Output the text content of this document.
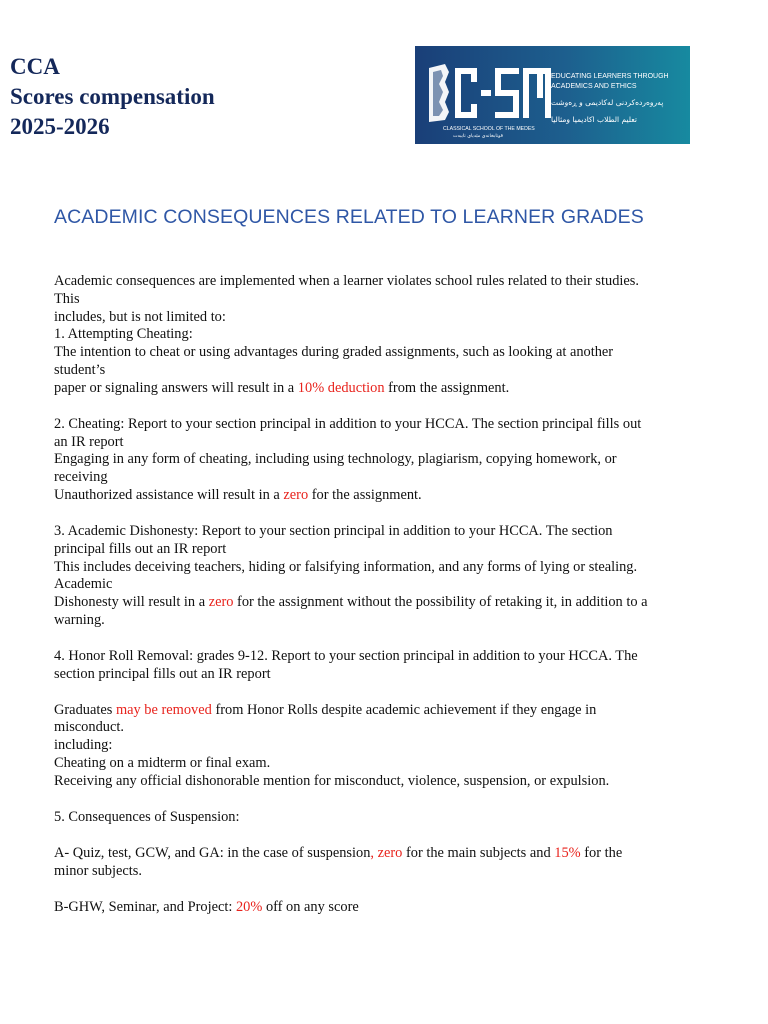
CCA
Scores compensation
2025-2026	CLASSICAL SCHOOL OF THE MEDES
قوتابخانەی مێدیای تایبەت
EDUCATING LEARNERS THROUGH
ACADEMICS AND ETHICS
پەروەردەکردنی لەکادیمی و ڕەوشت
تعليم الطلاب اكاديميا ومثاليا
ACADEMIC CONSEQUENCES RELATED TO LEARNER GRADES
Academic consequences are implemented when a learner violates school rules related to their studies.
This
includes, but is not limited to:
1. Attempting Cheating:
The intention to cheat or using advantages during graded assignments, such as looking at another
student’s
paper or signaling answers will result in a 10% deduction from the assignment.
2. Cheating: Report to your section principal in addition to your HCCA. The section principal fills out
an IR report
Engaging in any form of cheating, including using technology, plagiarism, copying homework, or
receiving
Unauthorized assistance will result in a zero for the assignment.
3. Academic Dishonesty: Report to your section principal in addition to your HCCA. The section
principal fills out an IR report
This includes deceiving teachers, hiding or falsifying information, and any forms of lying or stealing.
Academic
Dishonesty will result in a zero for the assignment without the possibility of retaking it, in addition to a
warning.
4. Honor Roll Removal: grades 9-12. Report to your section principal in addition to your HCCA. The
section principal fills out an IR report
Graduates may be removed from Honor Rolls despite academic achievement if they engage in
misconduct.
including:
Cheating on a midterm or final exam.
Receiving any official dishonorable mention for misconduct, violence, suspension, or expulsion.
5. Consequences of Suspension:
A- Quiz, test, GCW, and GA: in the case of suspension, zero for the main subjects and 15% for the
minor subjects.
B-GHW, Seminar, and Project: 20% off on any score
